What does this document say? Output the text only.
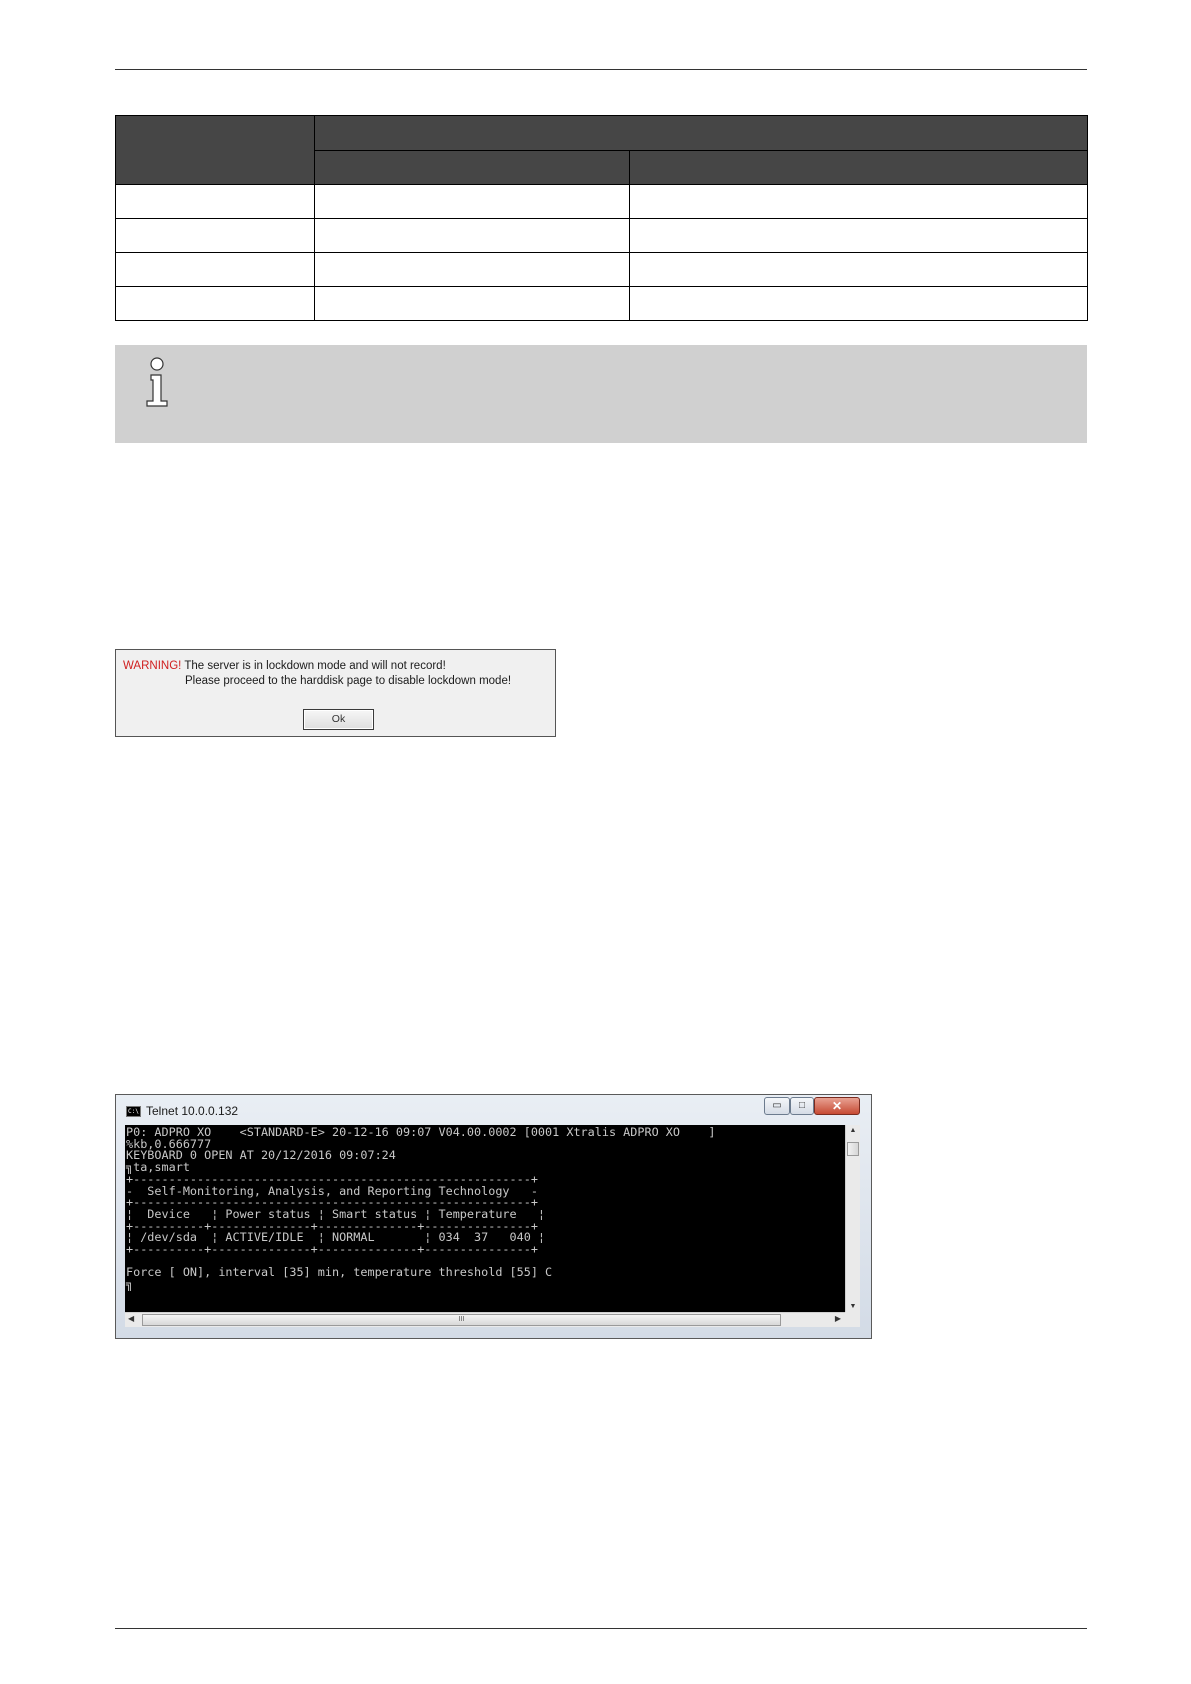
WARNING! The server is in lockdown mode and will not record!
Please proceed to the harddisk page to disable lockdown mode!
Ok
C:\ Telnet 10.0.0.132	▭	□	✕
P0: ADPRO XO    <STANDARD-E> 20-12-16 09:07 V04.00.0002 [0001 Xtralis ADPRO XO    ]
%kb,0.666777
KEYBOARD 0 OPEN AT 20/12/2016 09:07:24
╗ta,smart
+--------------------------------------------------------+
-  Self-Monitoring, Analysis, and Reporting Technology   -
+--------------------------------------------------------+
¦  Device   ¦ Power status ¦ Smart status ¦ Temperature   ¦
+----------+--------------+--------------+---------------+
¦ /dev/sda  ¦ ACTIVE/IDLE  ¦ NORMAL       ¦ 034  37   040 ¦
+----------+--------------+--------------+---------------+

Force [ ON], interval [35] min, temperature threshold [55] C
╗

▲
▼
◀	III	▶
